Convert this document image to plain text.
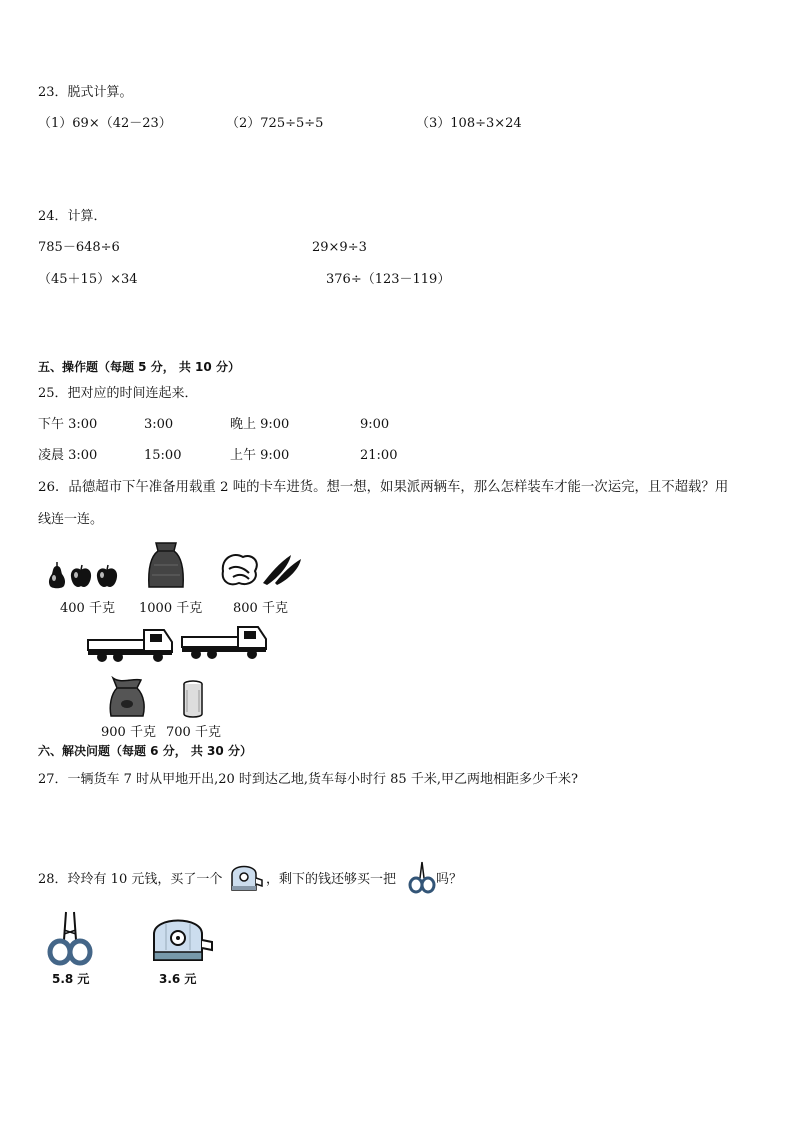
23．脱式计算。
（1）69×（42－23）	（2）725÷5÷5	（3）108÷3×24
24．计算．
785－648÷6	29×9÷3
（45＋15）×34	376÷（123－119）
五、操作题（每题 5 分， 共 10 分）
25．把对应的时间连起来．
下午 3:00	3:00	晚上 9:00	9:00
凌晨 3:00	15:00	上午 9:00	21:00
26．品德超市下午准备用载重 2 吨的卡车进货。想一想，如果派两辆车，那么怎样装车才能一次运完，且不超载？用
线连一连。
400 千克 1000 千克 800 千克
900 千克 700 千克
六、解决问题（每题 6 分， 共 30 分）
27．一辆货车 7 时从甲地开出,20 时到达乙地,货车每小时行 85 千米,甲乙两地相距多少千米?
28．玲玲有 10 元钱，买了一个	，剩下的钱还够买一把	吗？
5.8 元	3.6 元
